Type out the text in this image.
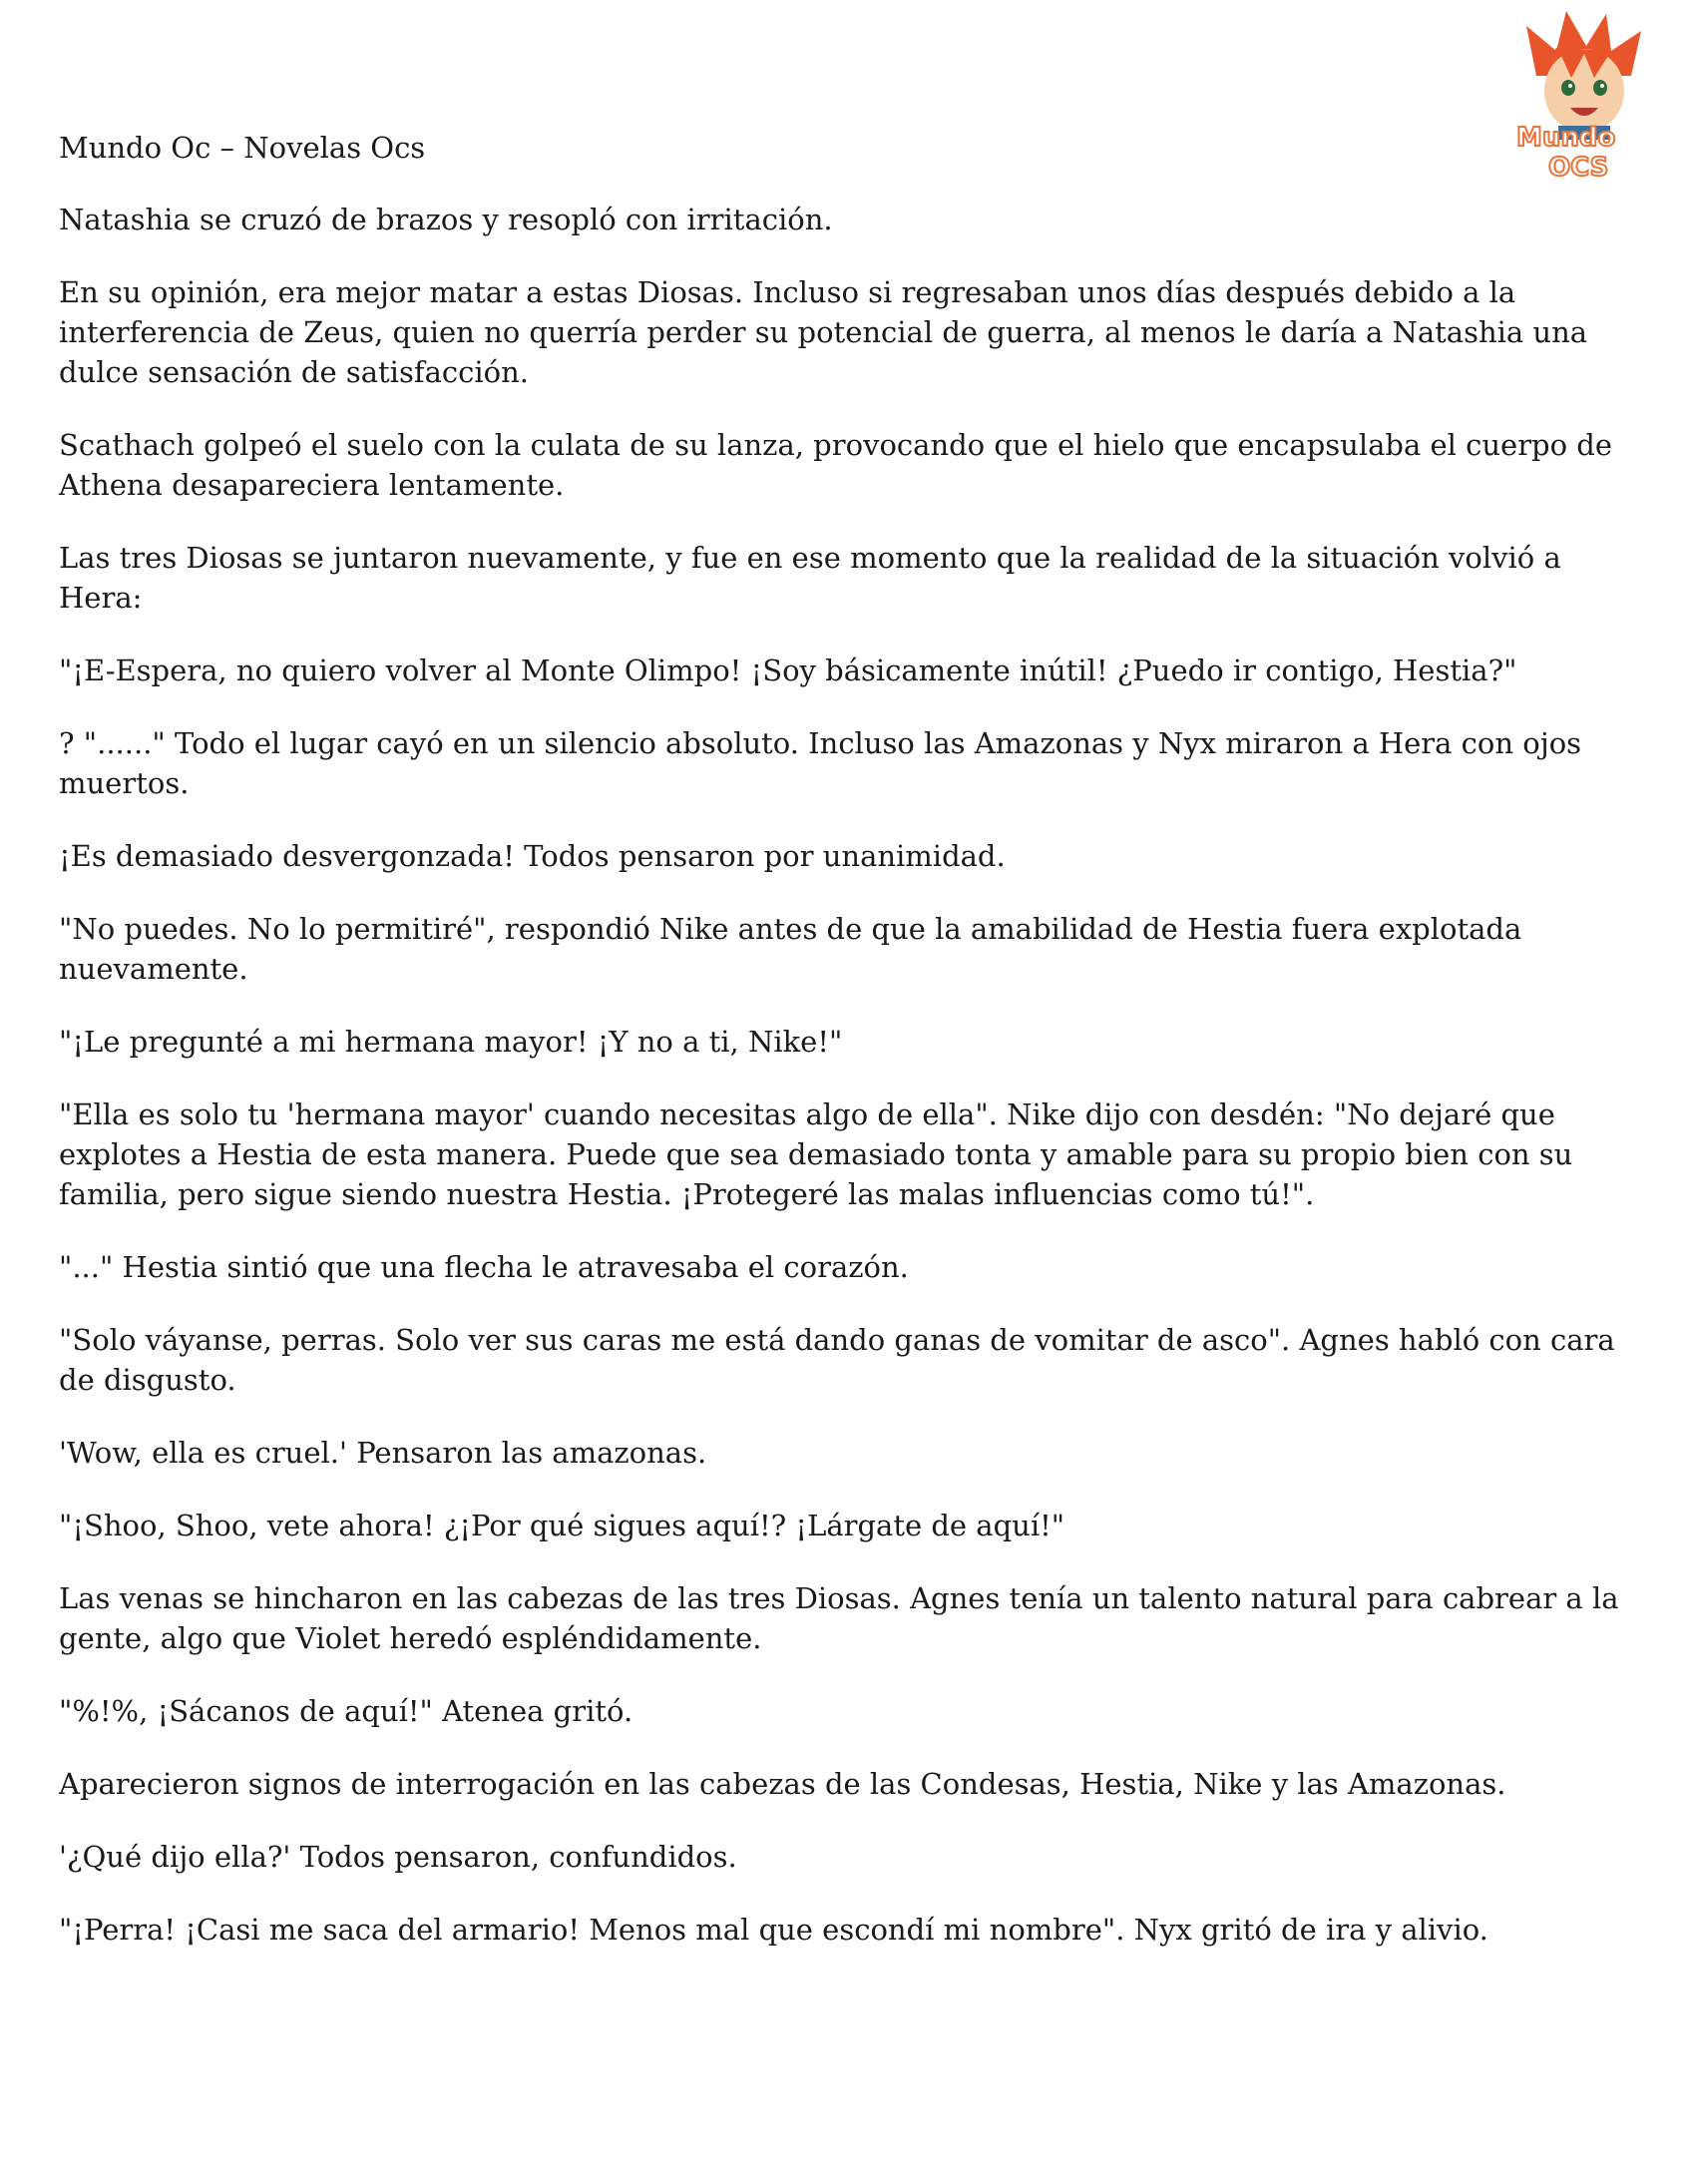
Mundo
OCS
Mundo Oc – Novelas Ocs

Natashia se cruzó de brazos y resopló con irritación.

En su opinión, era mejor matar a estas Diosas. Incluso si regresaban unos días después debido a la interferencia de Zeus, quien no querría perder su potencial de guerra, al menos le daría a Natashia una dulce sensación de satisfacción.

Scathach golpeó el suelo con la culata de su lanza, provocando que el hielo que encapsulaba el cuerpo de Athena desapareciera lentamente.

Las tres Diosas se juntaron nuevamente, y fue en ese momento que la realidad de la situación volvió a Hera:

"¡E-Espera, no quiero volver al Monte Olimpo! ¡Soy básicamente inútil! ¿Puedo ir contigo, Hestia?"

? "......" Todo el lugar cayó en un silencio absoluto. Incluso las Amazonas y Nyx miraron a Hera con ojos muertos.

¡Es demasiado desvergonzada! Todos pensaron por unanimidad.

"No puedes. No lo permitiré", respondió Nike antes de que la amabilidad de Hestia fuera explotada nuevamente.

"¡Le pregunté a mi hermana mayor! ¡Y no a ti, Nike!"

"Ella es solo tu 'hermana mayor' cuando necesitas algo de ella". Nike dijo con desdén: "No dejaré que explotes a Hestia de esta manera. Puede que sea demasiado tonta y amable para su propio bien con su familia, pero sigue siendo nuestra Hestia. ¡Protegeré las malas influencias como tú!".

"..." Hestia sintió que una flecha le atravesaba el corazón.

"Solo váyanse, perras. Solo ver sus caras me está dando ganas de vomitar de asco". Agnes habló con cara de disgusto.

'Wow, ella es cruel.' Pensaron las amazonas.

"¡Shoo, Shoo, vete ahora! ¿¡Por qué sigues aquí!? ¡Lárgate de aquí!"

Las venas se hincharon en las cabezas de las tres Diosas. Agnes tenía un talento natural para cabrear a la gente, algo que Violet heredó espléndidamente.

"%!%, ¡Sácanos de aquí!" Atenea gritó.

Aparecieron signos de interrogación en las cabezas de las Condesas, Hestia, Nike y las Amazonas.

'¿Qué dijo ella?' Todos pensaron, confundidos.

"¡Perra! ¡Casi me saca del armario! Menos mal que escondí mi nombre". Nyx gritó de ira y alivio.
